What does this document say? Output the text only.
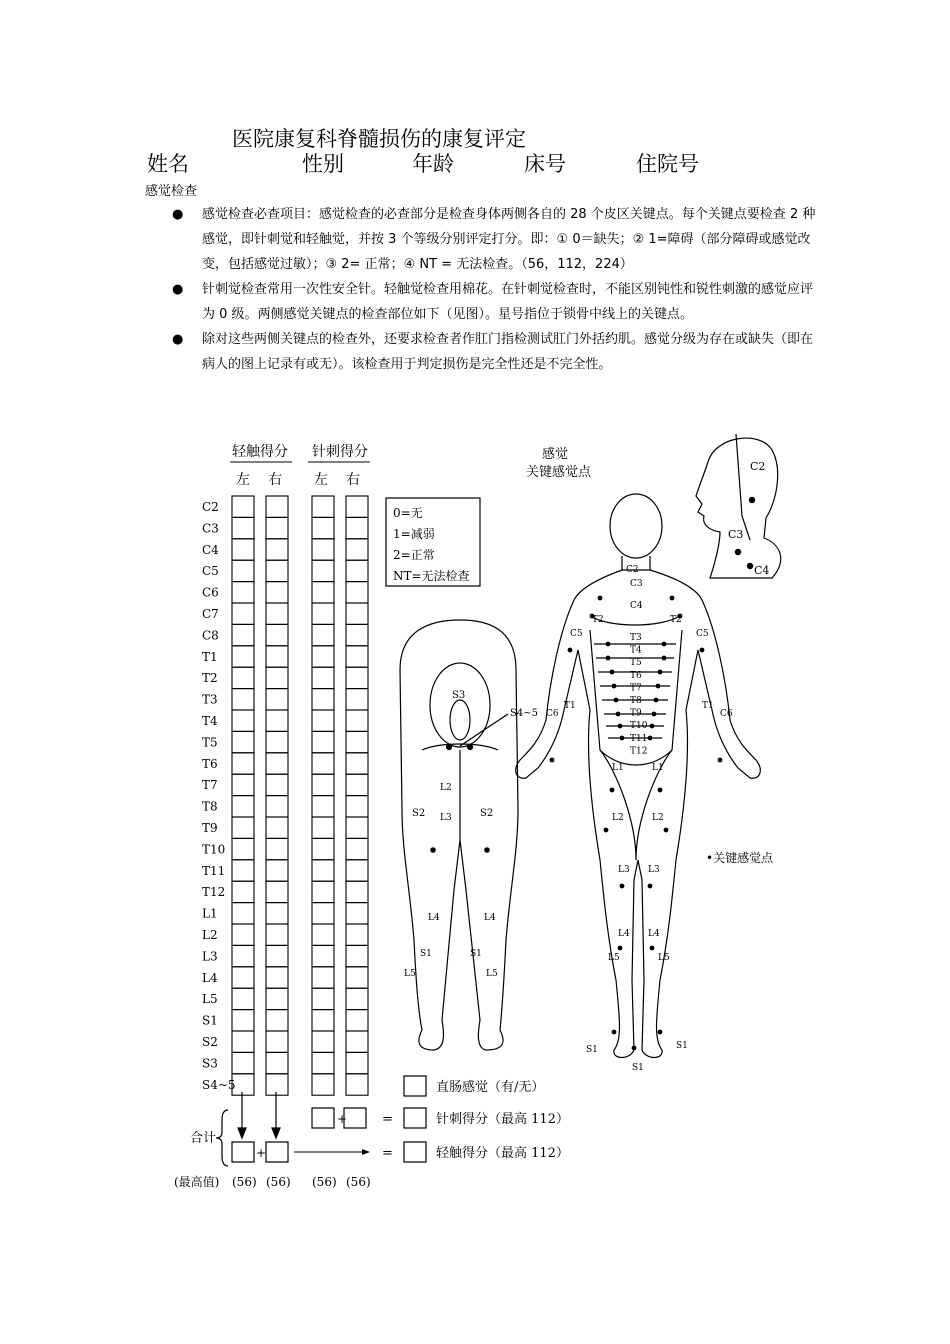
医院康复科脊髓损伤的康复评定
姓名	性别	年龄	床号	住院号
感觉检查
● 感觉检查必查项目：感觉检查的必查部分是检查身体两侧各自的 28 个皮区关键点。每个关键点要检查 2 种感觉，即针刺觉和轻触觉，并按 3 个等级分别评定打分。即：① 0＝缺失；② 1=障碍（部分障碍或感觉改变，包括感觉过敏）；③ 2= 正常；④ NT = 无法检查。（56，112，224）
● 针刺觉检查常用一次性安全针。轻触觉检查用棉花。在针刺觉检查时，不能区别钝性和锐性刺激的感觉应评为 0 级。两侧感觉关键点的检查部位如下（见图）。星号指位于锁骨中线上的关键点。
● 除对这些两侧关键点的检查外，还要求检查者作肛门指检测试肛门外括约肌。感觉分级为存在或缺失（即在病人的图上记录有或无）。该检查用于判定损伤是完全性还是不完全性。
轻触得分 针刺得分
左 右 左 右
C2
C3
C4
C5
C6
C7
C8
T1
T2
T3
T4
T5
T6
T7
T8
T9
T10
T11
T12
L1
L2
L3
L4
L5
S1
S2
S3
S4~5
0=无
1=减弱
2=正常
NT=无法检查
+	=	针刺得分（最高 112）
直肠感觉（有/无）
合计
+	=	轻触得分（最高 112）
(最高值) (56) (56) (56) (56)
感觉
关键感觉点
•关键感觉点
C2
C3
C4
S3
S4~5
S2	S2
L2
L3
L4	L4
S1	S1
L5	L5
C3
C4
C2
C5	C5
C6	C6
T1	T1
T2	T2
T3
T4
T5
T6
T7
T8
T9
T10
T11
T12
L1	L1
L2	L2
L3 L3
L4 L4
L5	L5
S1	S1
S1
